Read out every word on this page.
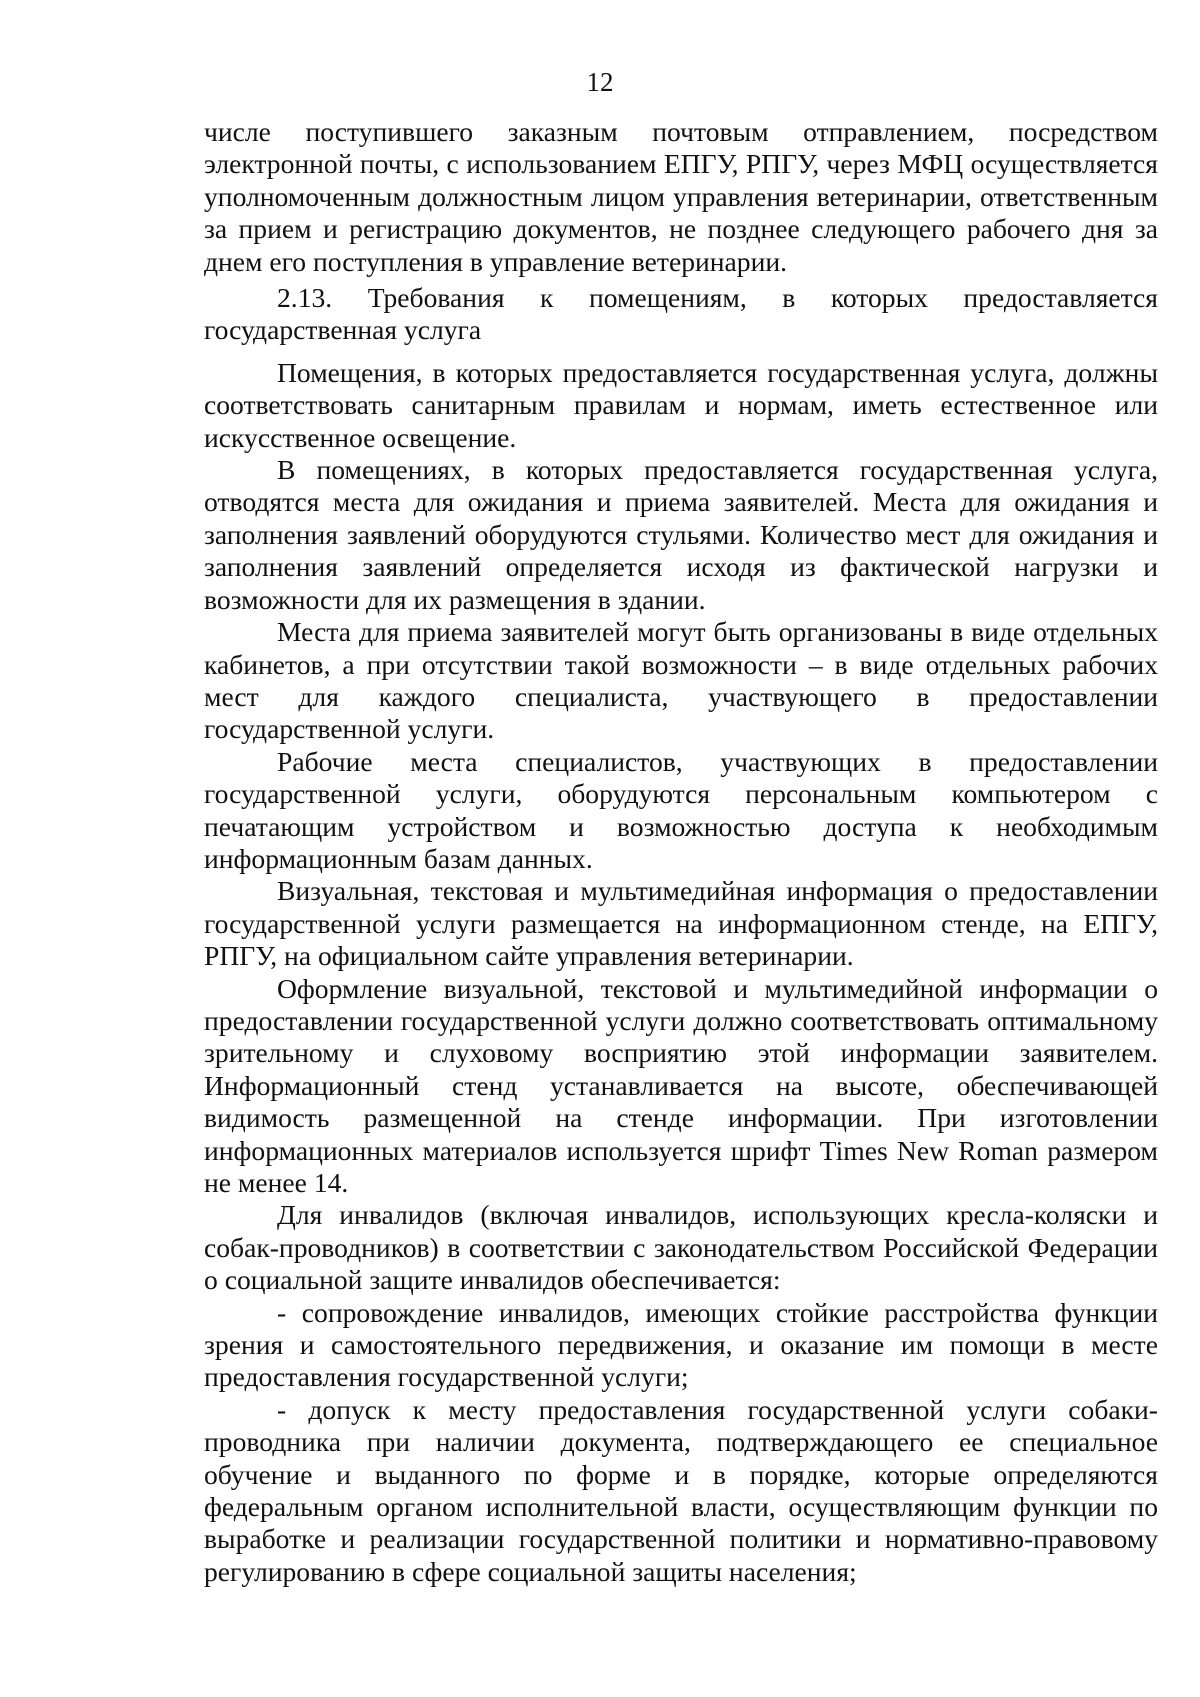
12

числе поступившего заказным почтовым отправлением, посредством электронной почты, с использованием ЕПГУ, РПГУ, через МФЦ осуществляется уполномоченным должностным лицом управления ветеринарии, ответственным за прием и регистрацию документов, не позднее следующего рабочего дня за днем его поступления в управление ветеринарии.

2.13. Требования к помещениям, в которых предоставляется государственная услуга

Помещения, в которых предоставляется государственная услуга, должны соответствовать санитарным правилам и нормам, иметь естественное или искусственное освещение.

В помещениях, в которых предоставляется государственная услуга, отводятся места для ожидания и приема заявителей. Места для ожидания и заполнения заявлений оборудуются стульями. Количество мест для ожидания и заполнения заявлений определяется исходя из фактической нагрузки и возможности для их размещения в здании.

Места для приема заявителей могут быть организованы в виде отдельных кабинетов, а при отсутствии такой возможности – в виде отдельных рабочих мест для каждого специалиста, участвующего в предоставлении государственной услуги.

Рабочие места специалистов, участвующих в предоставлении государственной услуги, оборудуются персональным компьютером с печатающим устройством и возможностью доступа к необходимым информационным базам данных.

Визуальная, текстовая и мультимедийная информация о предоставлении государственной услуги размещается на информационном стенде, на ЕПГУ, РПГУ, на официальном сайте управления ветеринарии.

Оформление визуальной, текстовой и мультимедийной информации о предоставлении государственной услуги должно соответствовать оптимальному зрительному и слуховому восприятию этой информации заявителем. Информационный стенд устанавливается на высоте, обеспечивающей видимость размещенной на стенде информации. При изготовлении информационных материалов используется шрифт Times New Roman размером не менее 14.

Для инвалидов (включая инвалидов, использующих кресла-коляски и собак-проводников) в соответствии с законодательством Российской Федерации о социальной защите инвалидов обеспечивается:

- сопровождение инвалидов, имеющих стойкие расстройства функции зрения и самостоятельного передвижения, и оказание им помощи в месте предоставления государственной услуги;

- допуск к месту предоставления государственной услуги собаки-проводника при наличии документа, подтверждающего ее специальное обучение и выданного по форме и в порядке, которые определяются федеральным органом исполнительной власти, осуществляющим функции по выработке и реализации государственной политики и нормативно-правовому регулированию в сфере социальной защиты населения;
